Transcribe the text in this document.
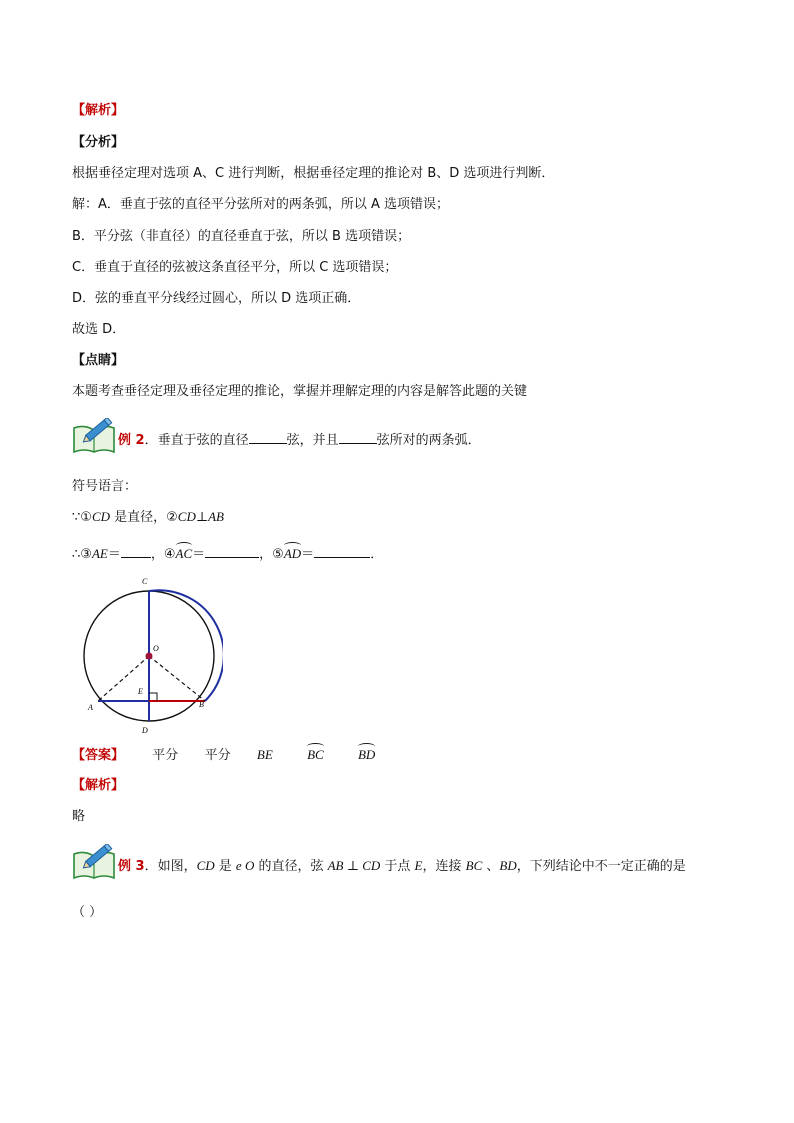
【解析】
【分析】
根据垂径定理对选项 A、C 进行判断，根据垂径定理的推论对 B、D 选项进行判断．
解：A．垂直于弦的直径平分弦所对的两条弧，所以 A 选项错误；
B．平分弦（非直径）的直径垂直于弦，所以 B 选项错误；
C．垂直于直径的弦被这条直径平分，所以 C 选项错误；
D．弦的垂直平分线经过圆心，所以 D 选项正确．
故选 D．
【点睛】
本题考查垂径定理及垂径定理的推论，掌握并理解定理的内容是解答此题的关键
例 2．垂直于弦的直径	弦，并且	弦所对的两条弧．
符号语言：
∵①CD 是直径，②CD⊥AB
∴③AE＝ ，④AC＝	，⑤AD＝	．
C
O
E
A	B
D
【答案】 平分 平分 BE	BC	BD
【解析】
略
例 3．如图，CD 是 e O 的直径，弦 AB ⊥ CD 于点 E，连接 BC 、BD，下列结论中不一定正确的是
（ ）
